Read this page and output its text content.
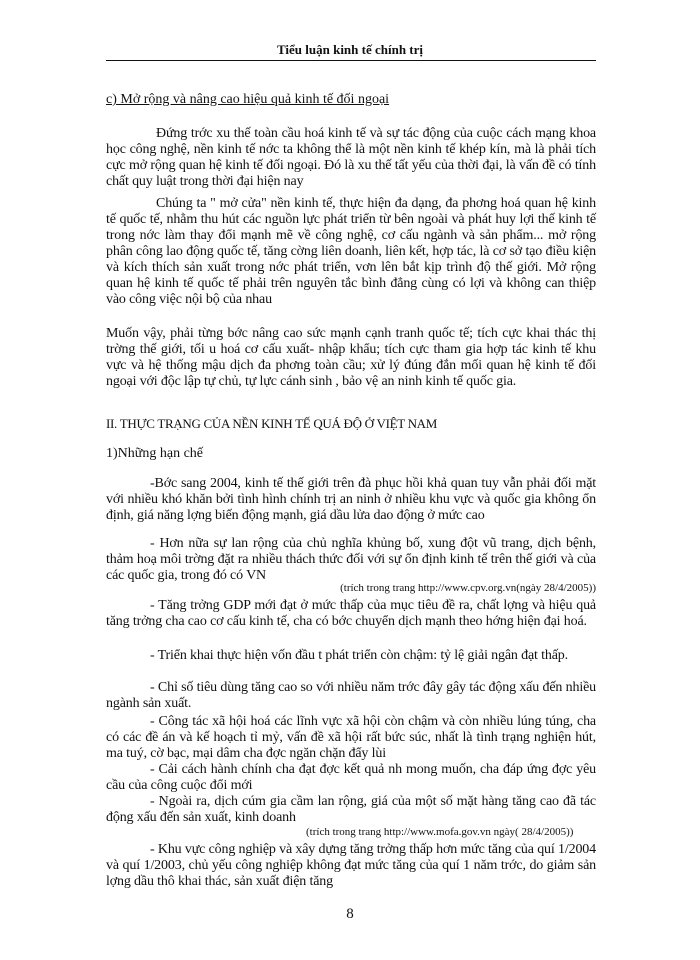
Tiểu luận kinh tế chính trị
c) Mở rộng và nâng cao hiệu quả kinh tế đối ngoại
Đứng trớc xu thế toàn cầu hoá kinh tế và sự tác động của cuộc cách mạng khoa học công nghệ, nền kinh tế nớc ta không thể là một nền kinh tế khép kín, mà là phải tích cực mở rộng quan hệ kinh tế đối ngoại. Đó là xu thế tất yếu của thời đại, là vấn đề có tính chất quy luật trong thời đại hiện nay
Chúng ta " mở cửa" nền kinh tế, thực hiện đa dạng, đa phơng hoá quan hệ kinh tế quốc tế, nhằm thu hút các nguồn lực phát triển từ bên ngoài và phát huy lợi thế kinh tế trong nớc làm thay đổi mạnh mẽ về công nghệ, cơ cấu ngành và sản phẩm... mở rộng phân công lao động quốc tế, tăng cờng liên doanh, liên kết, hợp tác, là cơ sở tạo điều kiện và kích thích sản xuất trong nớc phát triển, vơn lên bắt kịp trình độ thế giới. Mở rộng quan hệ kinh tế quốc tế phải trên nguyên tắc bình đẳng cùng có lợi và không can thiệp vào công việc nội bộ của nhau
Muốn vậy, phải từng bớc nâng cao sức mạnh cạnh tranh quốc tế; tích cực khai thác thị trờng thế giới, tối u hoá cơ cấu xuất- nhập khẩu; tích cực tham gia hợp tác kinh tế khu vực và hệ thống mậu dịch đa phơng toàn cầu; xử lý đúng đắn mối quan hệ kinh tế đối ngoại với độc lập tự chủ, tự lực cánh sinh , bảo vệ an ninh kinh tế quốc gia.
II. THỰC TRẠNG CỦA NỀN KINH TẾ QUÁ ĐỘ Ở VIỆT NAM
1)Những hạn chế
-Bớc sang 2004, kinh tế thế giới trên đà phục hồi khả quan tuy vẫn phải đối mặt với nhiều khó khăn bởi tình hình chính trị an ninh ở nhiều khu vực và quốc gia không ổn định, giá năng lợng biến động mạnh, giá dầu lửa dao động ở mức cao
- Hơn nữa sự lan rộng của chủ nghĩa khủng bố, xung đột vũ trang, dịch bệnh, thảm hoạ môi trờng đặt ra nhiều thách thức đối với sự ổn định kinh tế trên thế giới và của các quốc gia, trong đó có VN
(trích trong trang http://www.cpv.org.vn(ngày 28/4/2005))
- Tăng trởng GDP mới đạt ở mức thấp của mục tiêu đề ra, chất lợng và hiệu quả tăng trởng cha cao cơ cấu kinh tế, cha có bớc chuyển dịch mạnh theo hớng hiện đại hoá.
- Triển khai thực hiện vốn đầu t phát triển còn chậm: tỷ lệ giải ngân đạt thấp.
- Chỉ số tiêu dùng tăng cao so với nhiều năm trớc đây gây tác động xấu đến nhiều ngành sản xuất.
- Công tác xã hội hoá các lĩnh vực xã hội còn chậm và còn nhiều lúng túng, cha có các đề án và kế hoạch tỉ mỷ, vấn đề xã hội rất bức súc, nhất là tình trạng nghiện hút, ma tuý, cờ bạc, mại dâm cha đợc ngăn chặn đẩy lùi
- Cải cách hành chính cha đạt đợc kết quả nh mong muốn, cha đáp ứng đợc yêu cầu của công cuộc đổi mới
- Ngoài ra, dịch cúm gia cầm lan rộng, giá của một số mặt hàng tăng cao đã tác động xấu đến sản xuất, kinh doanh
(trích trong trang http://www.mofa.gov.vn ngày( 28/4/2005))
- Khu vực công nghiệp và xây dựng tăng trởng thấp hơn mức tăng của quí 1/2004 và quí 1/2003, chủ yếu công nghiệp không đạt mức tăng của quí 1 năm trớc, do giảm sản lợng dầu thô khai thác, sản xuất điện tăng
8
